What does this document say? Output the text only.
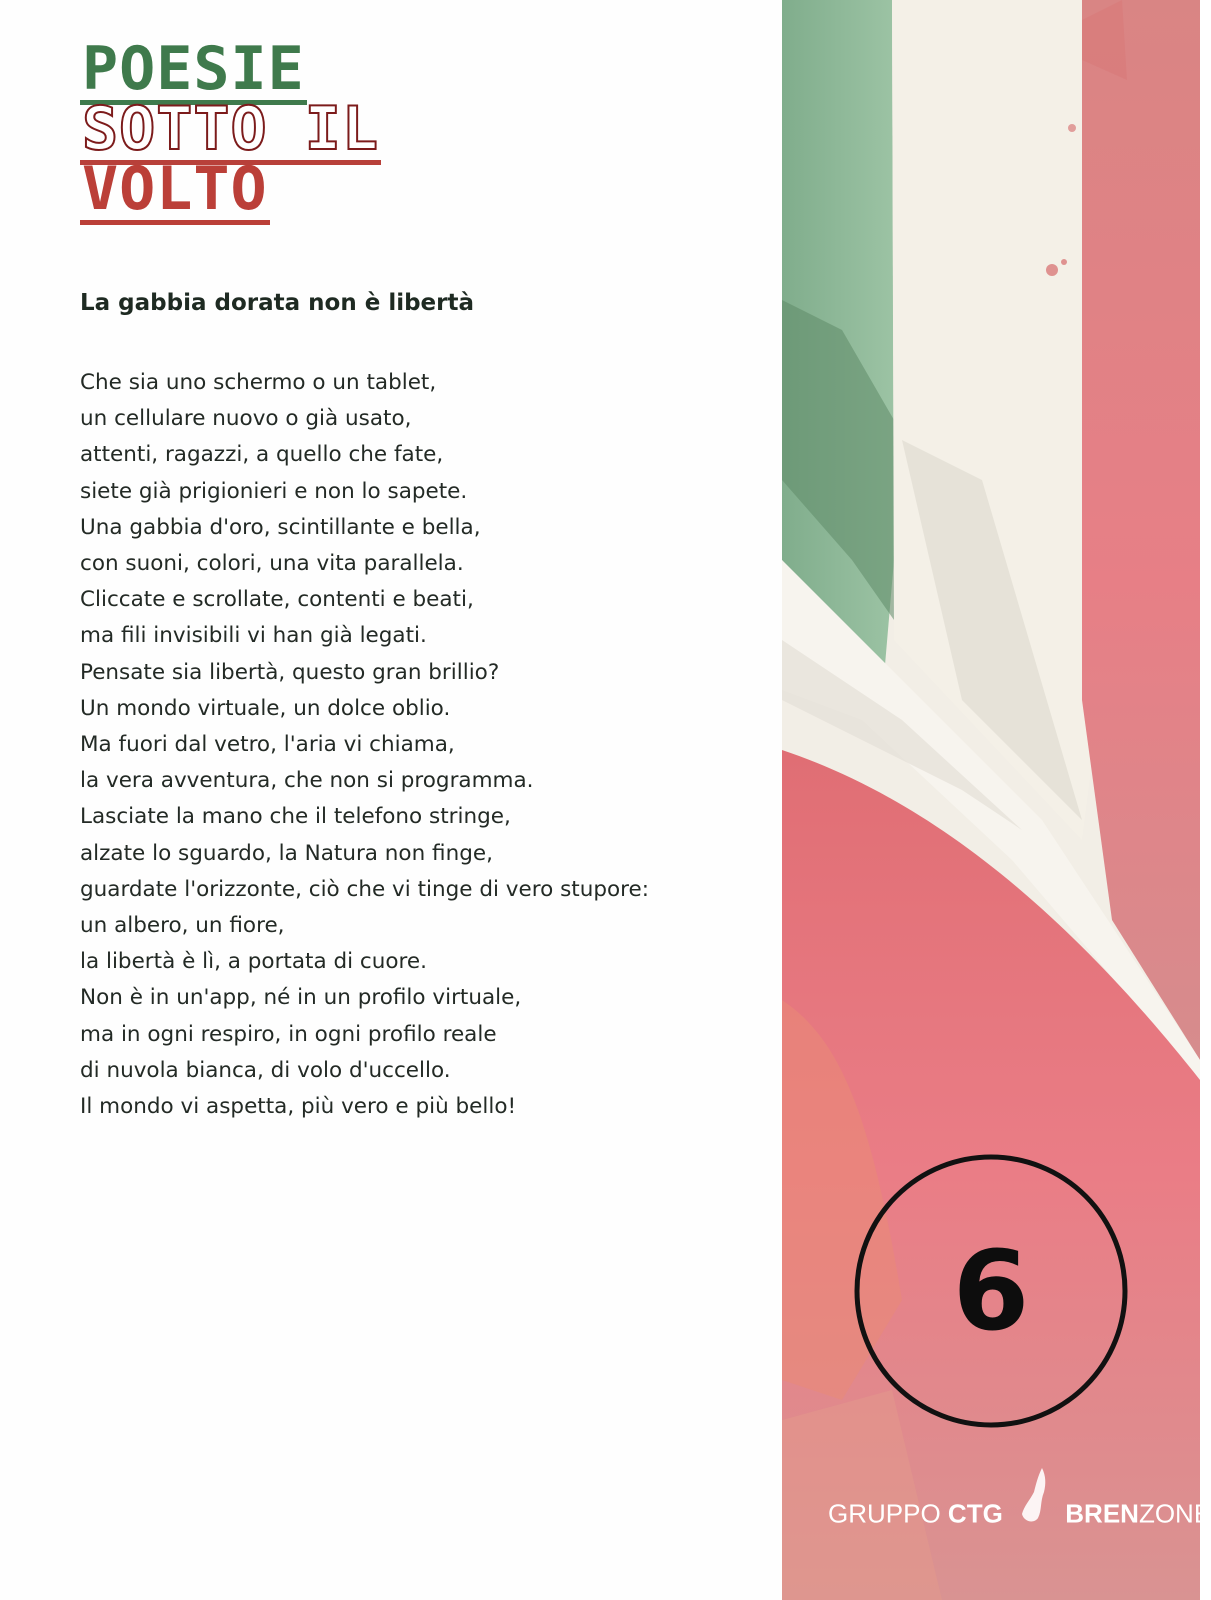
POESIE
SOTTO IL
VOLTO
La gabbia dorata non è libertà
Che sia uno schermo o un tablet,
un cellulare nuovo o già usato,
attenti, ragazzi, a quello che fate,
siete già prigionieri e non lo sapete.
Una gabbia d'oro, scintillante e bella,
con suoni, colori, una vita parallela.
Cliccate e scrollate, contenti e beati,
ma fili invisibili vi han già legati.
Pensate sia libertà, questo gran brillio?
Un mondo virtuale, un dolce oblio.
Ma fuori dal vetro, l'aria vi chiama,
la vera avventura, che non si programma.
Lasciate la mano che il telefono stringe,
alzate lo sguardo, la Natura non finge,
guardate l'orizzonte, ciò che vi tinge di vero stupore:
un albero, un fiore,
la libertà è lì, a portata di cuore.
Non è in un'app, né in un profilo virtuale,
ma in ogni respiro, in ogni profilo reale
di nuvola bianca, di volo d'uccello.
Il mondo vi aspetta, più vero e più bello!
6
GRUPPO CTG BRENZONE
